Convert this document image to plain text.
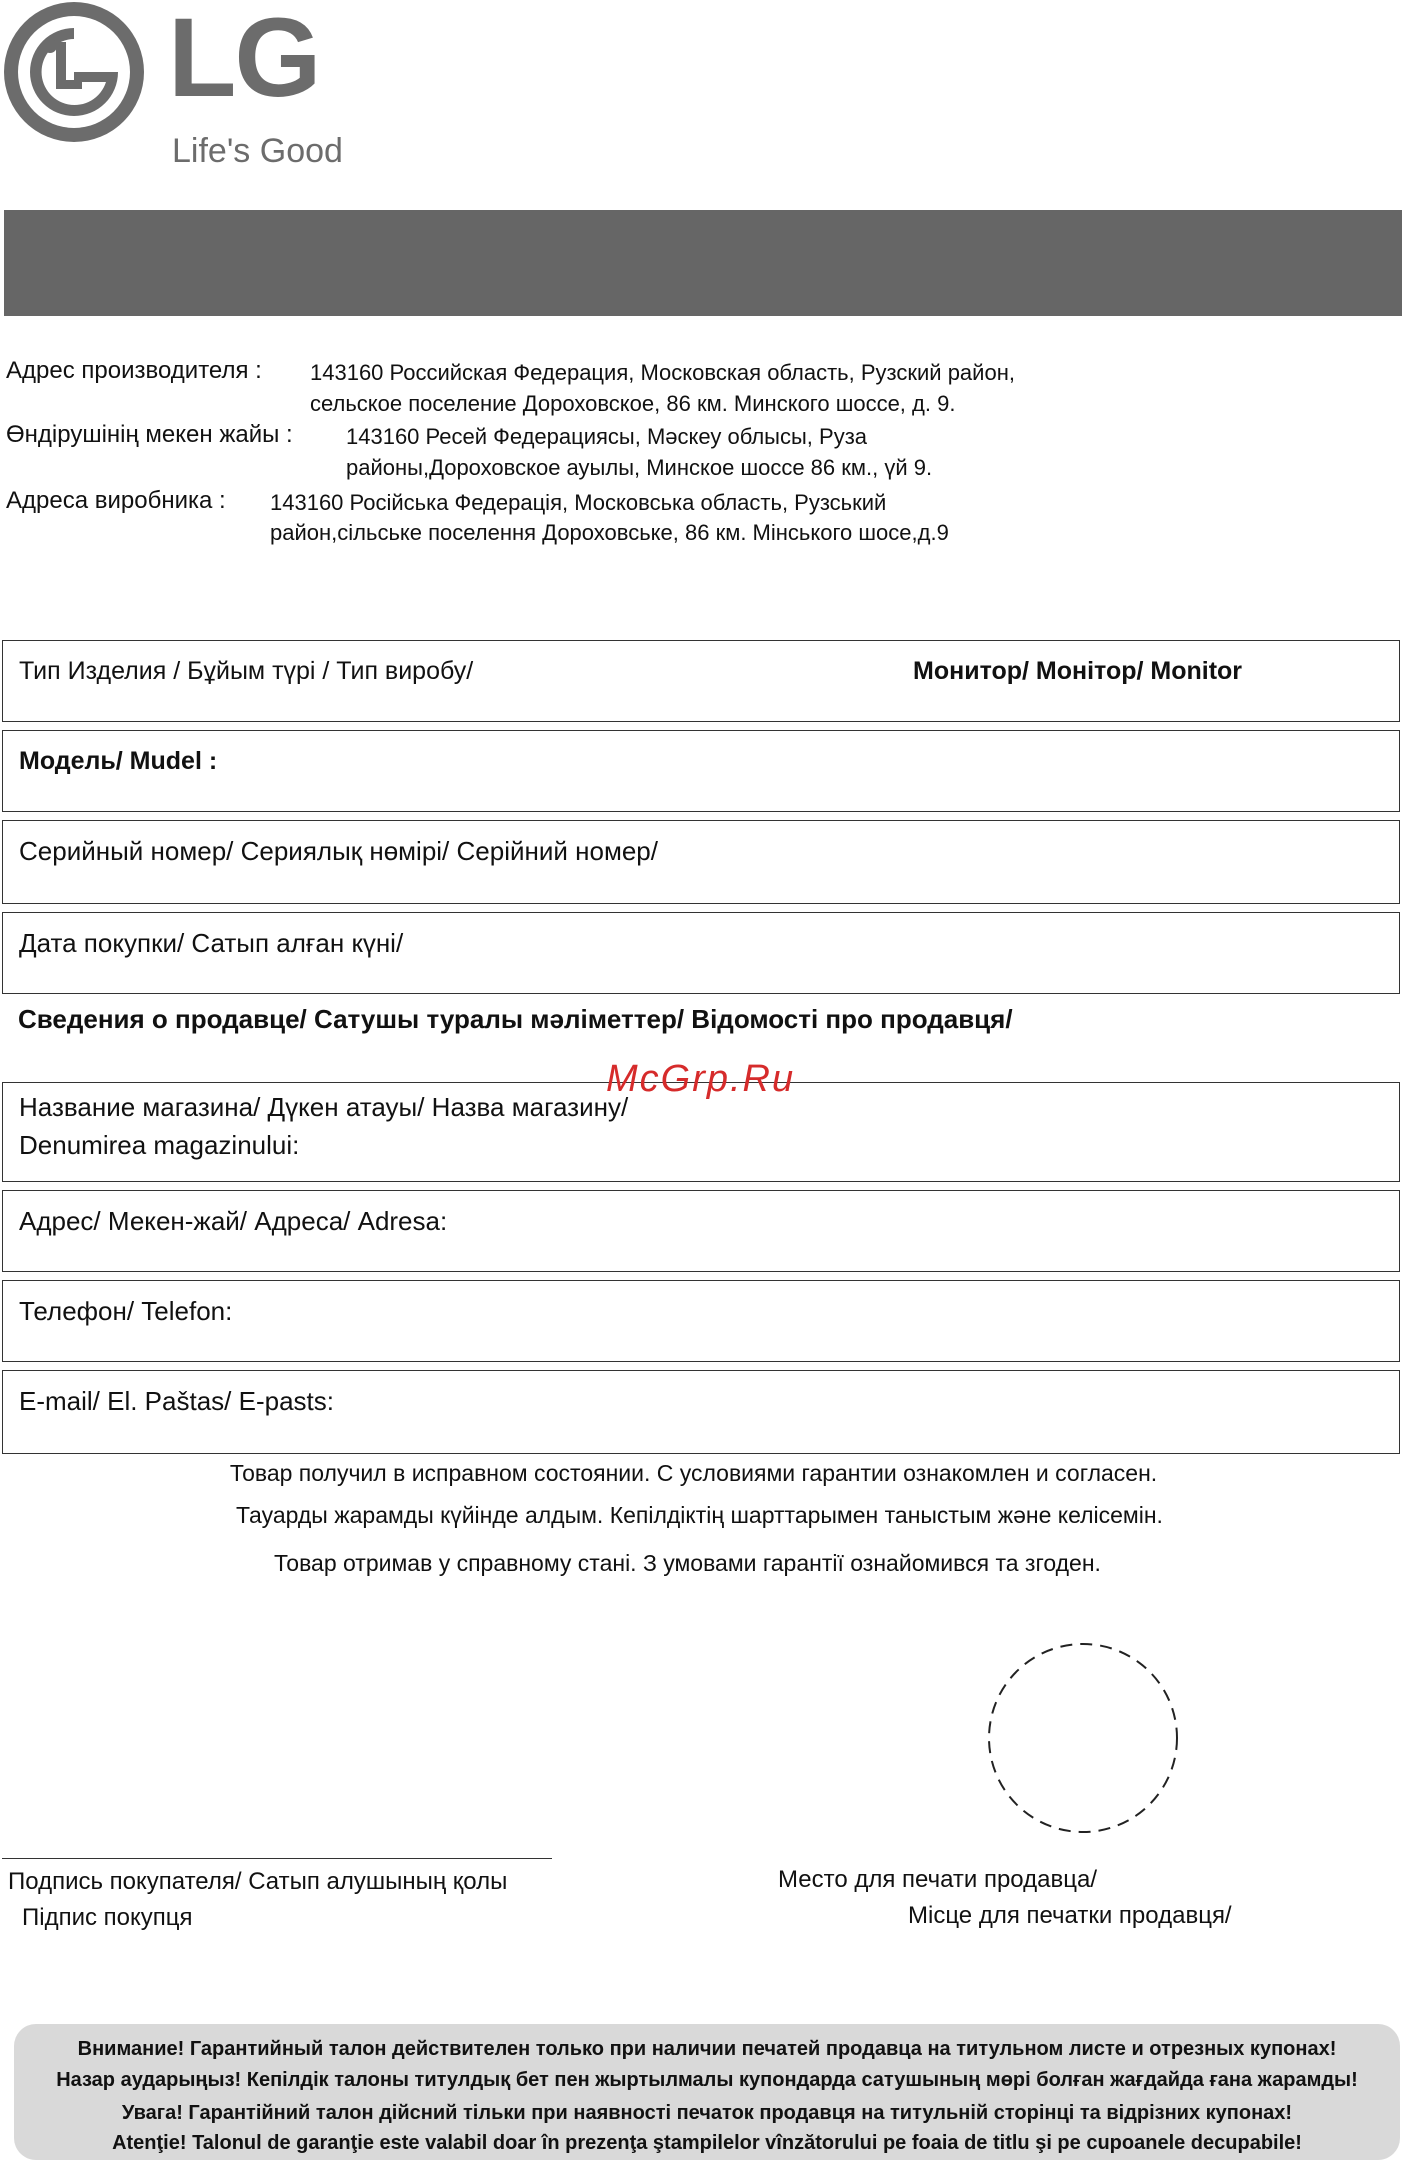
LG
Life's Good
Адрес производителя : 143160 Российская Федерация, Московская область, Рузский район,
сельское поселение Дороховское, 86 км. Минского шоссе, д. 9.
Өндірушінің мекен жайы : 143160 Ресей Федерациясы, Мәскеу облысы, Руза
районы,Дороховское ауылы, Минское шоссе 86 км., үй 9.
Адреса виробника : 143160 Російська Федерація, Московська область, Рузський
район,сільське поселення Дороховське, 86 км. Мінського шосе,д.9
Тип Изделия / Бұйым түрі / Тип виробу/	Монитор/ Монітор/ Monitor
Модель/ Mudel :
Серийный номер/ Сериялық нөмірі/ Серійний номер/
Дата покупки/ Сатып алған күні/
Сведения о продавце/ Сатушы туралы мәліметтер/ Відомості про продавця/
Название магазина/ Дүкен атауы/ Назва магазину/
Denumirea magazinului:
McGrp.Ru
Адрес/ Мекен-жай/ Адреса/ Adresa:
Телефон/ Telefon:
E-mail/ El. Paštas/ E-pasts:
Товар получил в исправном состоянии. С условиями гарантии ознакомлен и согласен.
Тауарды жарамды күйінде алдым. Кепілдіктің шарттарымен таныстым және келісемін.
Товар отримав у справному стані. З умовами гарантії ознайомився та згоден.
Подпись покупателя/ Сатып алушының қолы
Підпис покупця
Место для печати продавца/
Місце для печатки продавця/
Внимание! Гарантийный талон действителен только при наличии печатей продавца на титульном листе и отрезных купонах!
Назар аударыңыз! Кепілдік талоны титулдық бет пен жыртылмалы купондарда сатушының мөрі болған жағдайда ғана жарамды!
Увага! Гарантійний талон дійсний тільки при наявності печаток продавця на титульній сторінці та відрізних купонах!
Atenţie! Talonul de garanţie este valabil doar în prezenţa ştampilelor vînzătorului pe foaia de titlu şi pe cupoanele decupabile!
